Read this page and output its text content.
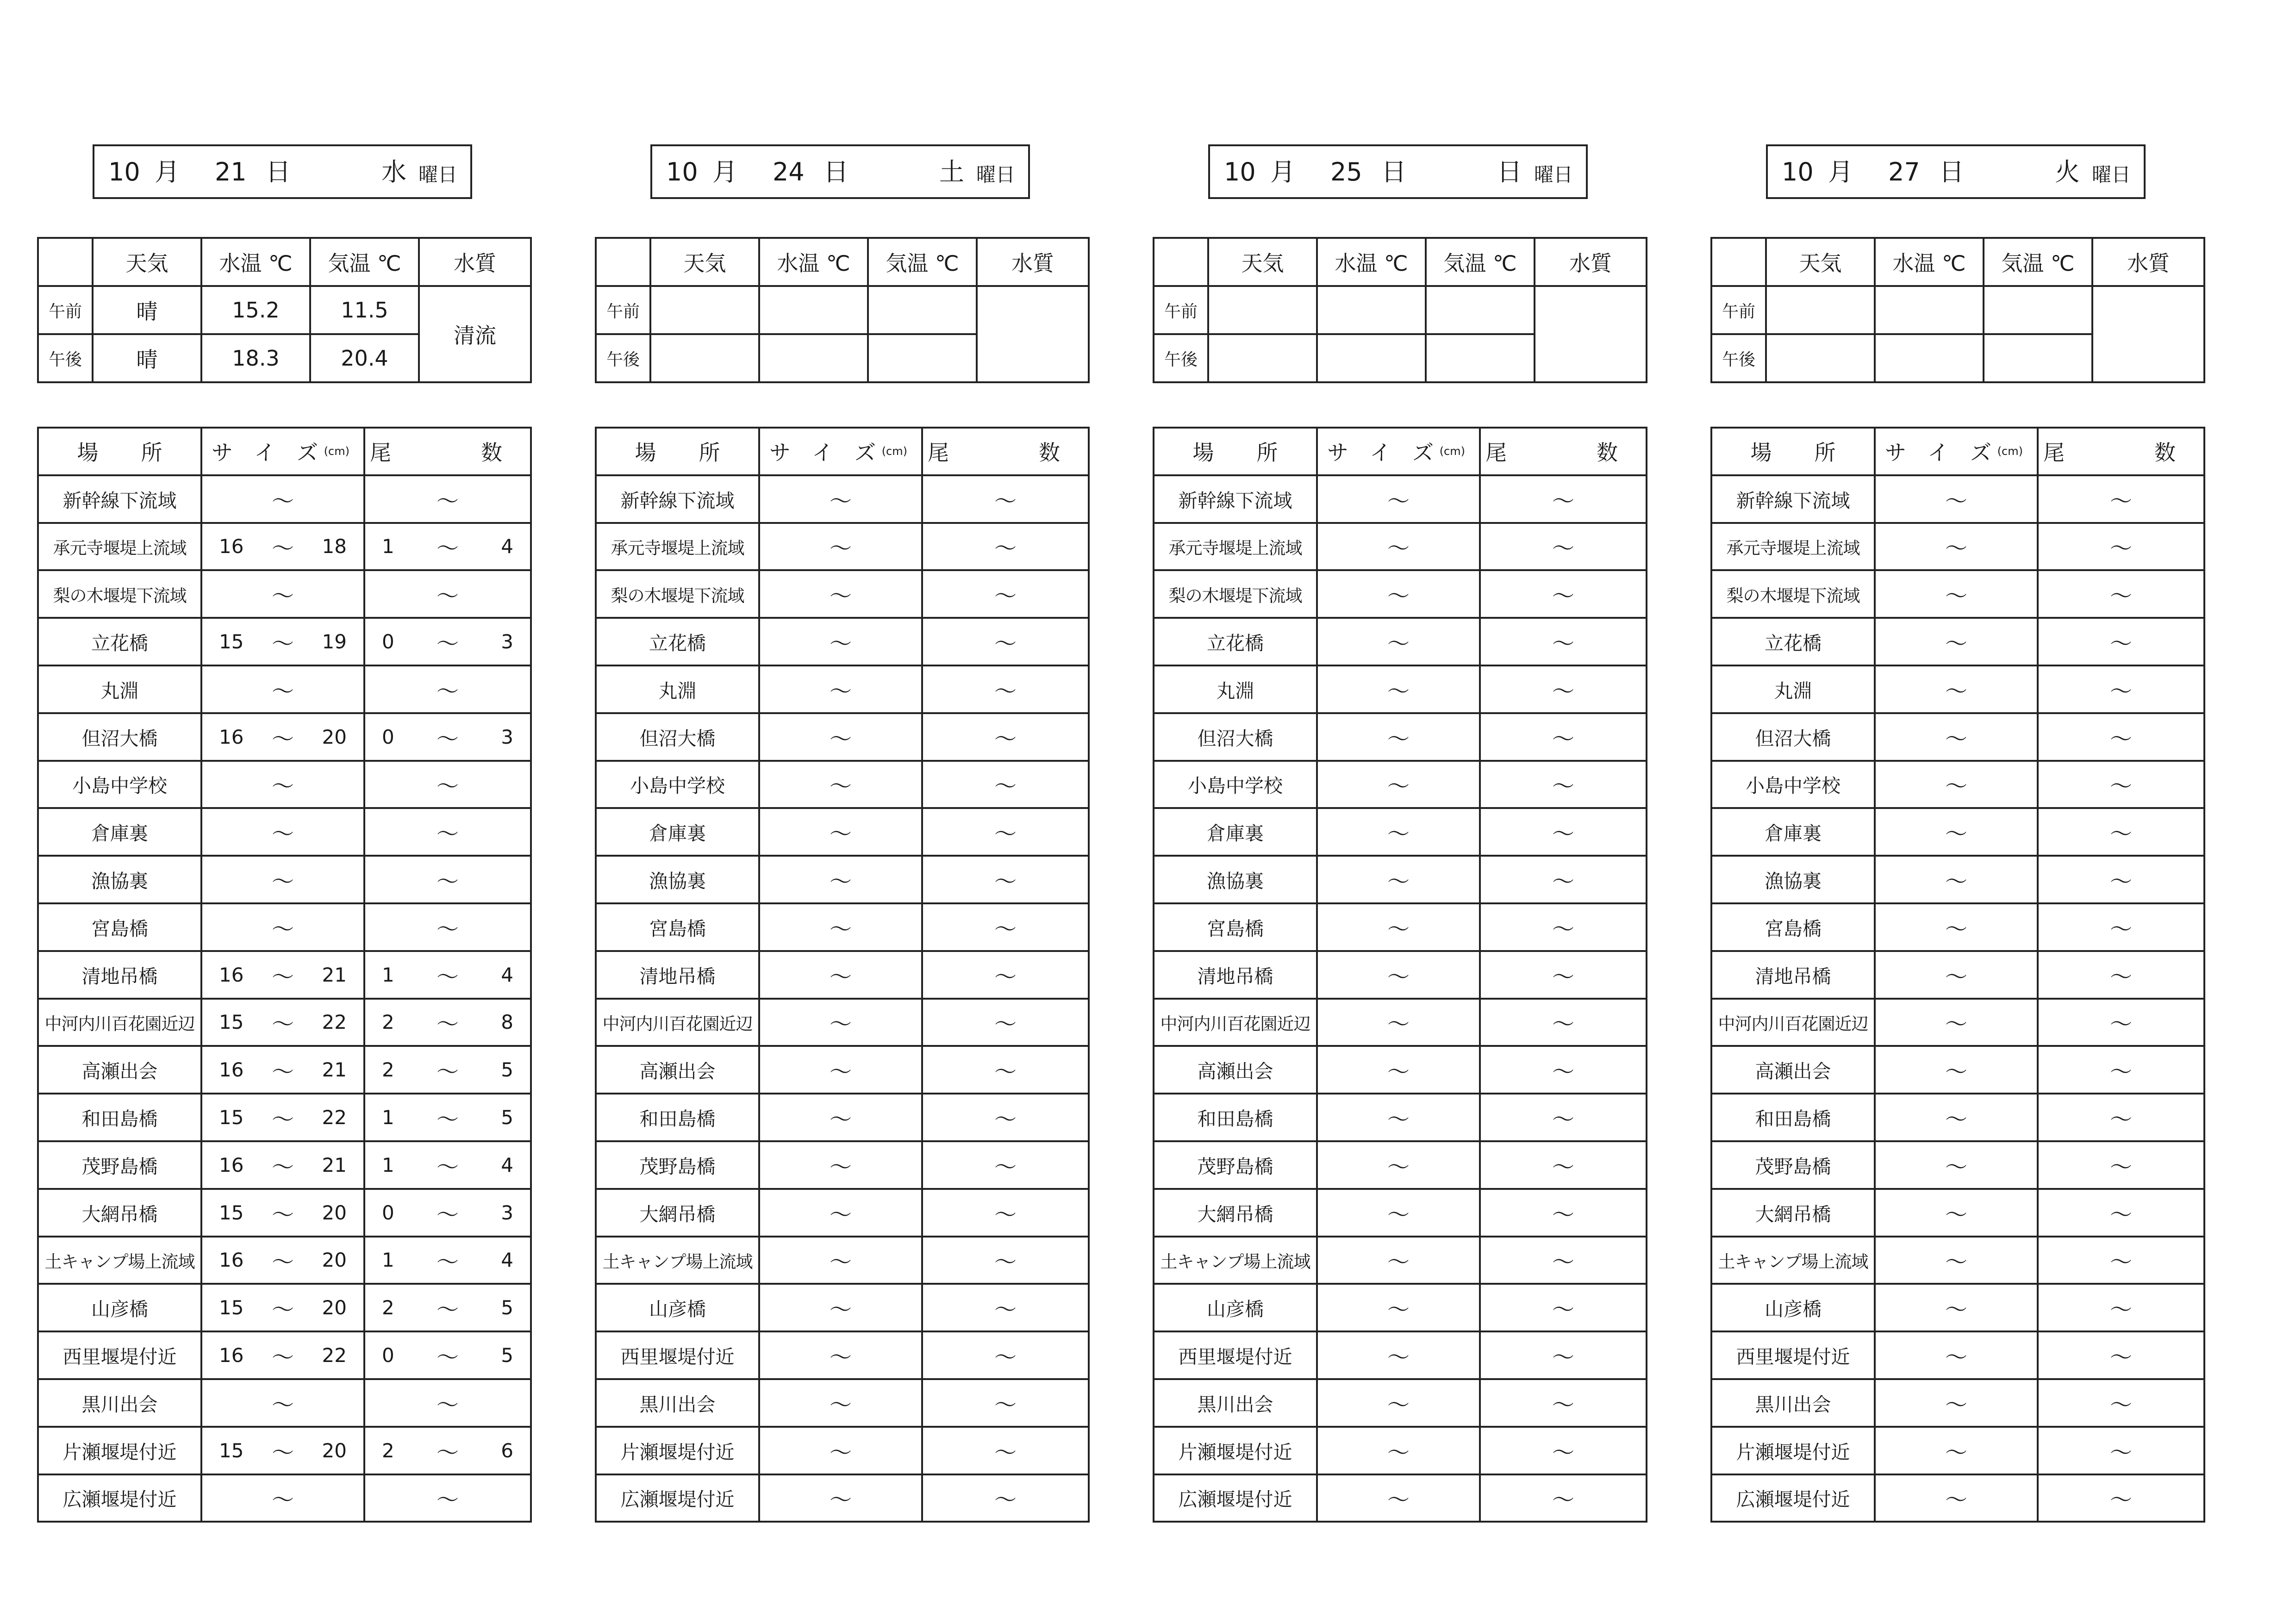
10 月 21 日	水 曜日
	天気	水温 ℃	気温 ℃	水質
午前	晴	15.2	11.5	清流
午後	晴	18.3	20.4	
場　　所	サ　イ　ズ (cm)	尾 数

新幹線下流域	〜	〜

承元寺堰堤上流域	16 〜 18	1 〜 4

梨の木堰堤下流域	〜	〜

立花橋	15 〜 19	0 〜 3

丸淵	〜	〜

但沼大橋	16 〜 20	0 〜 3

小島中学校	〜	〜

倉庫裏	〜	〜

漁協裏	〜	〜

宮島橋	〜	〜

清地吊橋	16 〜 21	1 〜 4

中河内川百花園近辺	15 〜 22	2 〜 8

高瀬出会	16 〜 21	2 〜 5

和田島橋	15 〜 22	1 〜 5

茂野島橋	16 〜 21	1 〜 4

大網吊橋	15 〜 20	0 〜 3

土キャンプ場上流域	16 〜 20	1 〜 4

山彦橋	15 〜 20	2 〜 5

西里堰堤付近	16 〜 22	0 〜 5

黒川出会	〜	〜

片瀬堰堤付近	15 〜 20	2 〜 6

広瀬堰堤付近	〜	〜
10 月 24 日	土 曜日
	天気	水温 ℃	気温 ℃	水質
午前				
午後				
場　　所	サ　イ　ズ (cm)	尾 数

新幹線下流域	〜	〜

承元寺堰堤上流域	〜	〜

梨の木堰堤下流域	〜	〜

立花橋	〜	〜

丸淵	〜	〜

但沼大橋	〜	〜

小島中学校	〜	〜

倉庫裏	〜	〜

漁協裏	〜	〜

宮島橋	〜	〜

清地吊橋	〜	〜

中河内川百花園近辺	〜	〜

高瀬出会	〜	〜

和田島橋	〜	〜

茂野島橋	〜	〜

大網吊橋	〜	〜

土キャンプ場上流域	〜	〜

山彦橋	〜	〜

西里堰堤付近	〜	〜

黒川出会	〜	〜

片瀬堰堤付近	〜	〜

広瀬堰堤付近	〜	〜
10 月 25 日	日 曜日
	天気	水温 ℃	気温 ℃	水質
午前				
午後				
場　　所	サ　イ　ズ (cm)	尾 数

新幹線下流域	〜	〜

承元寺堰堤上流域	〜	〜

梨の木堰堤下流域	〜	〜

立花橋	〜	〜

丸淵	〜	〜

但沼大橋	〜	〜

小島中学校	〜	〜

倉庫裏	〜	〜

漁協裏	〜	〜

宮島橋	〜	〜

清地吊橋	〜	〜

中河内川百花園近辺	〜	〜

高瀬出会	〜	〜

和田島橋	〜	〜

茂野島橋	〜	〜

大網吊橋	〜	〜

土キャンプ場上流域	〜	〜

山彦橋	〜	〜

西里堰堤付近	〜	〜

黒川出会	〜	〜

片瀬堰堤付近	〜	〜

広瀬堰堤付近	〜	〜
10 月 27 日	火 曜日
	天気	水温 ℃	気温 ℃	水質
午前				
午後				
場　　所	サ　イ　ズ (cm)	尾 数

新幹線下流域	〜	〜

承元寺堰堤上流域	〜	〜

梨の木堰堤下流域	〜	〜

立花橋	〜	〜

丸淵	〜	〜

但沼大橋	〜	〜

小島中学校	〜	〜

倉庫裏	〜	〜

漁協裏	〜	〜

宮島橋	〜	〜

清地吊橋	〜	〜

中河内川百花園近辺	〜	〜

高瀬出会	〜	〜

和田島橋	〜	〜

茂野島橋	〜	〜

大網吊橋	〜	〜

土キャンプ場上流域	〜	〜

山彦橋	〜	〜

西里堰堤付近	〜	〜

黒川出会	〜	〜

片瀬堰堤付近	〜	〜

広瀬堰堤付近	〜	〜
